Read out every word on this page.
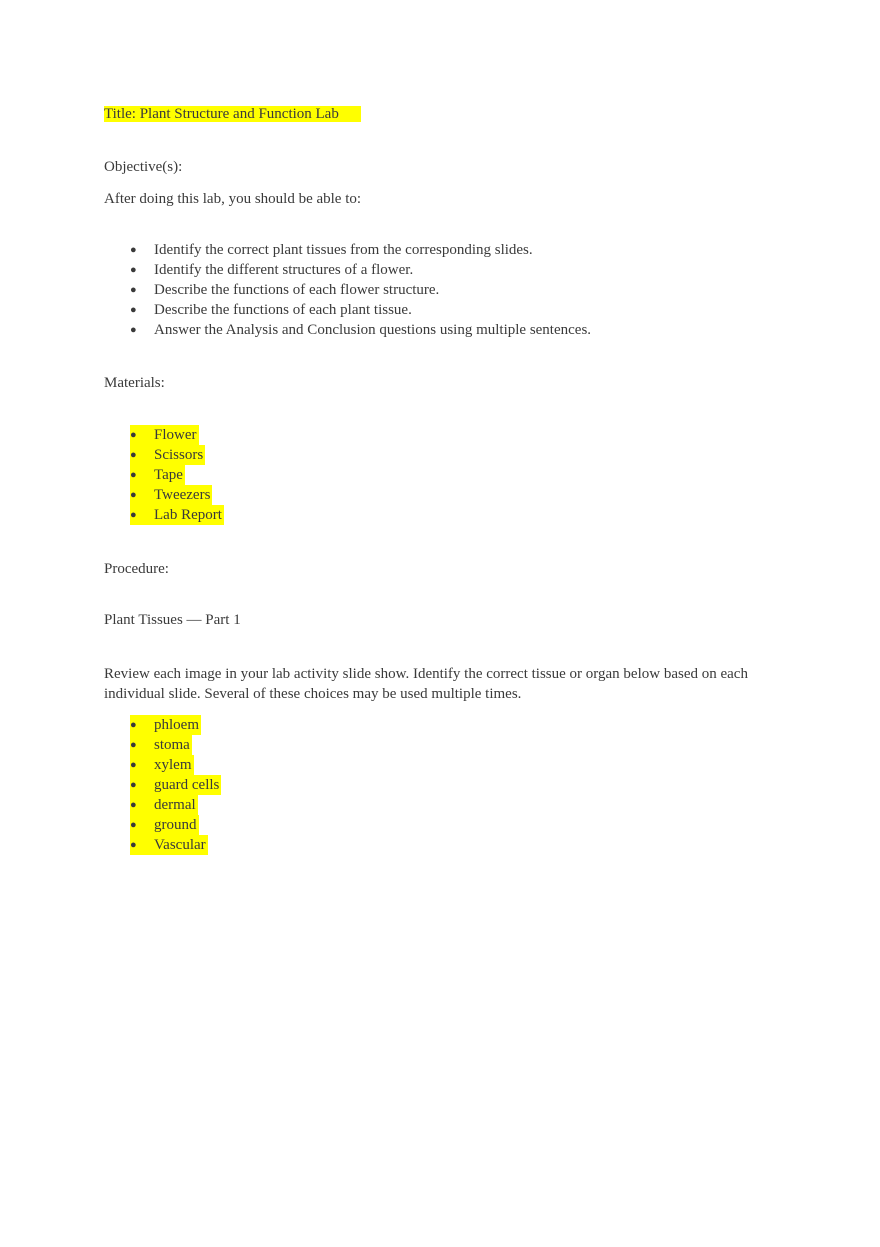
Title: Plant Structure and Function Lab
Objective(s):
After doing this lab, you should be able to:
●	Identify the correct plant tissues from the corresponding slides.
●	Identify the different structures of a flower.
●	Describe the functions of each flower structure.
●	Describe the functions of each plant tissue.
●	Answer the Analysis and Conclusion questions using multiple sentences.
Materials:
●	Flower
●	Scissors
●	Tape
●	Tweezers
●	Lab Report
Procedure:
Plant Tissues — Part 1
Review each image in your lab activity slide show. Identify the correct tissue or organ below based on each individual slide. Several of these choices may be used multiple times.
●	phloem
●	stoma
●	xylem
●	guard cells
●	dermal
●	ground
●	Vascular
